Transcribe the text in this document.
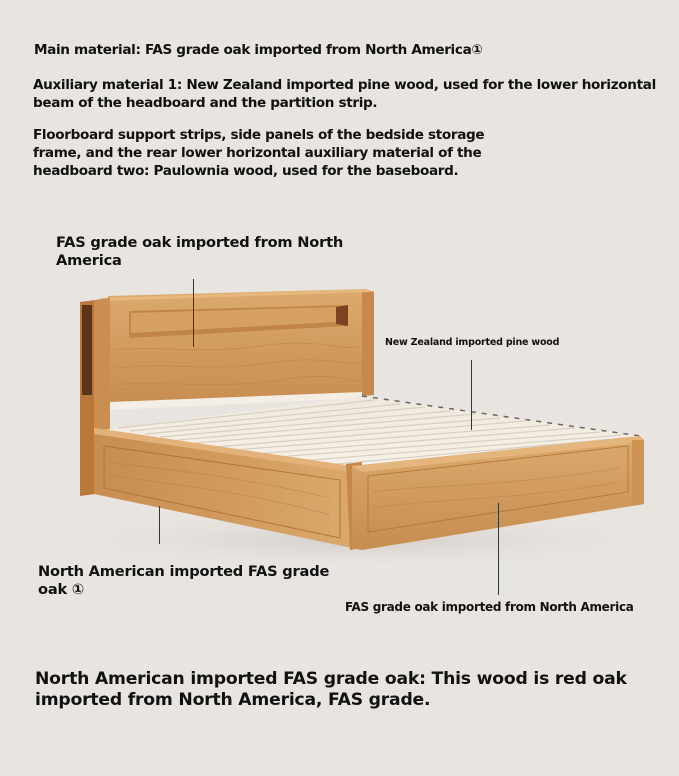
Main material: FAS grade oak imported from North America①
Auxiliary material 1: New Zealand imported pine wood, used for the lower horizontal beam of the headboard and the partition strip.
Floorboard support strips, side panels of the bedside storage frame, and the rear lower horizontal auxiliary material of the headboard two: Paulownia wood, used for the baseboard.
FAS grade oak imported from North America
New Zealand imported pine wood
North American imported FAS grade oak ①
FAS grade oak imported from North America
North American imported FAS grade oak: This wood is red oak imported from North America, FAS grade.
